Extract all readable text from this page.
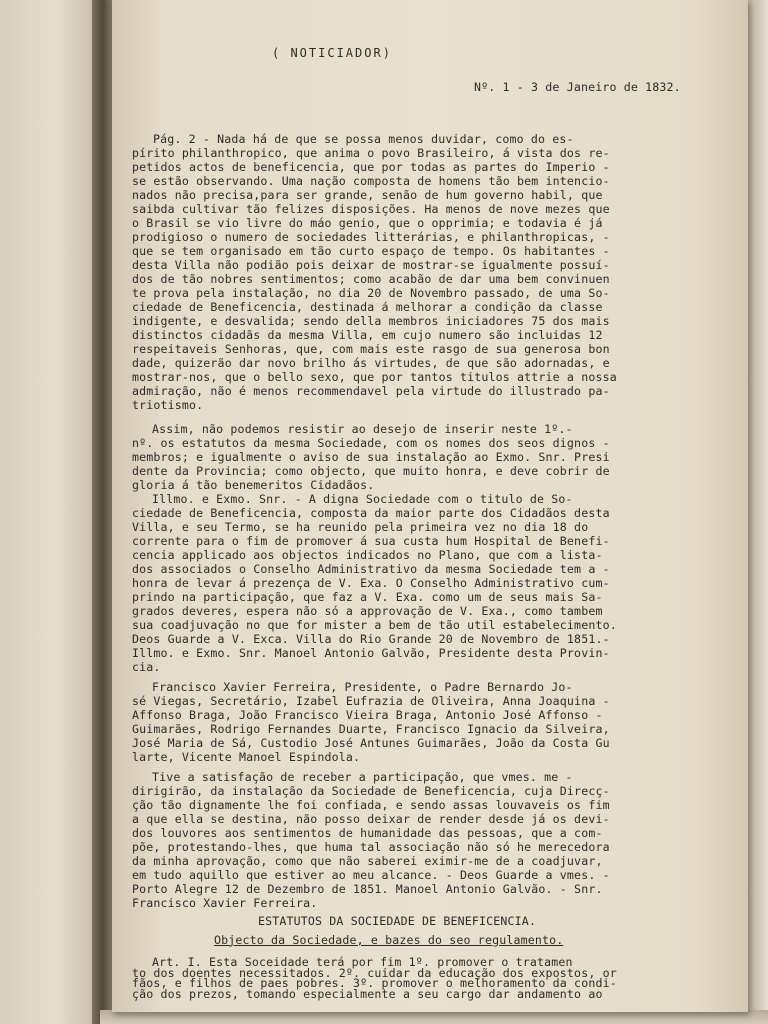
( NOTICIADOR)
Nº. 1 - 3 de Janeiro de 1832.
Pág. 2 - Nada há de que se possa menos duvidar, como do es-
pírito philanthropico, que anima o povo Brasileiro, á vista dos re-
petidos actos de beneficencia, que por todas as partes do Imperio -
se estão observando. Uma nação composta de homens tão bem intencio-
nados não precisa,para ser grande, senão de hum governo habil, que
saibda cultivar tão felizes disposições. Ha menos de nove mezes que
o Brasil se vio livre do máo genio, que o opprimia; e todavia é já
prodigioso o numero de sociedades litterárias, e philanthropicas, -
que se tem organisado em tão curto espaço de tempo. Os habitantes -
desta Villa não podião pois deixar de mostrar-se igualmente possuí-
dos de tão nobres sentimentos; como acabão de dar uma bem convinuen
te prova pela instalação, no dia 20 de Novembro passado, de uma So-
ciedade de Beneficencia, destinada á melhorar a condição da classe
indigente, e desvalida; sendo della membros iniciadores 75 dos mais
distinctos cidadãs da mesma Villa, em cujo numero são incluidas 12
respeitaveis Senhoras, que, com mais este rasgo de sua generosa bon
dade, quizerão dar novo brilho ás virtudes, de que são adornadas, e
mostrar-nos, que o bello sexo, que por tantos titulos attrie a nossa
admiração, não é menos recommendavel pela virtude do illustrado pa-
triotismo.
Assim, não podemos resistir ao desejo de inserir neste 1º.-
nº. os estatutos da mesma Sociedade, com os nomes dos seos dignos -
membros; e igualmente o aviso de sua instalação ao Exmo. Snr. Presi
dente da Provincia; como objecto, que muito honra, e deve cobrir de
gloria á tão benemeritos Cidadãos.
Illmo. e Exmo. Snr. - A digna Sociedade com o titulo de So-
ciedade de Beneficencia, composta da maior parte dos Cidadãos desta
Villa, e seu Termo, se ha reunido pela primeira vez no dia 18 do
corrente para o fim de promover á sua custa hum Hospital de Benefi-
cencia applicado aos objectos indicados no Plano, que com a lista-
dos associados o Conselho Administrativo da mesma Sociedade tem a -
honra de levar á prezença de V. Exa. O Conselho Administrativo cum-
prindo na participação, que faz a V. Exa. como um de seus mais Sa-
grados deveres, espera não só a approvação de V. Exa., como tambem
sua coadjuvação no que for mister a bem de tão util estabelecimento.
Deos Guarde a V. Exca. Villa do Rio Grande 20 de Novembro de 1851.-
Illmo. e Exmo. Snr. Manoel Antonio Galvão, Presidente desta Provin-
cia.
Francisco Xavier Ferreira, Presidente, o Padre Bernardo Jo-
sé Viegas, Secretário, Izabel Eufrazia de Oliveira, Anna Joaquina -
Affonso Braga, João Francisco Vieira Braga, Antonio José Affonso -
Guimarães, Rodrigo Fernandes Duarte, Francisco Ignacio da Silveira,
José Maria de Sá, Custodio José Antunes Guimarães, João da Costa Gu
larte, Vicente Manoel Espindola.
Tive a satisfação de receber a participação, que vmes. me -
dirigirão, da instalação da Sociedade de Beneficencia, cuja Direcç-
ção tão dignamente lhe foi confiada, e sendo assas louvaveis os fim
a que ella se destina, não posso deixar de render desde já os devi-
dos louvores aos sentimentos de humanidade das pessoas, que a com-
põe, protestando-lhes, que huma tal associação não só he merecedora
da minha aprovação, como que não saberei eximir-me de a coadjuvar,
em tudo aquillo que estiver ao meu alcance. - Deos Guarde a vmes. -
Porto Alegre 12 de Dezembro de 1851. Manoel Antonio Galvão. - Snr.
Francisco Xavier Ferreira.
ESTATUTOS DA SOCIEDADE DE BENEFICENCIA.
Objecto da Sociedade, e bazes do seo regulamento.
Art. I. Esta Soceidade terá por fim 1º. promover o tratamen
to dos doentes necessitados. 2º. cuidar da educação dos expostos, or
fãos, e filhos de paes pobres. 3º. promover o melhoramento da condi-
ção dos prezos, tomando especialmente a seu cargo dar andamento ao
